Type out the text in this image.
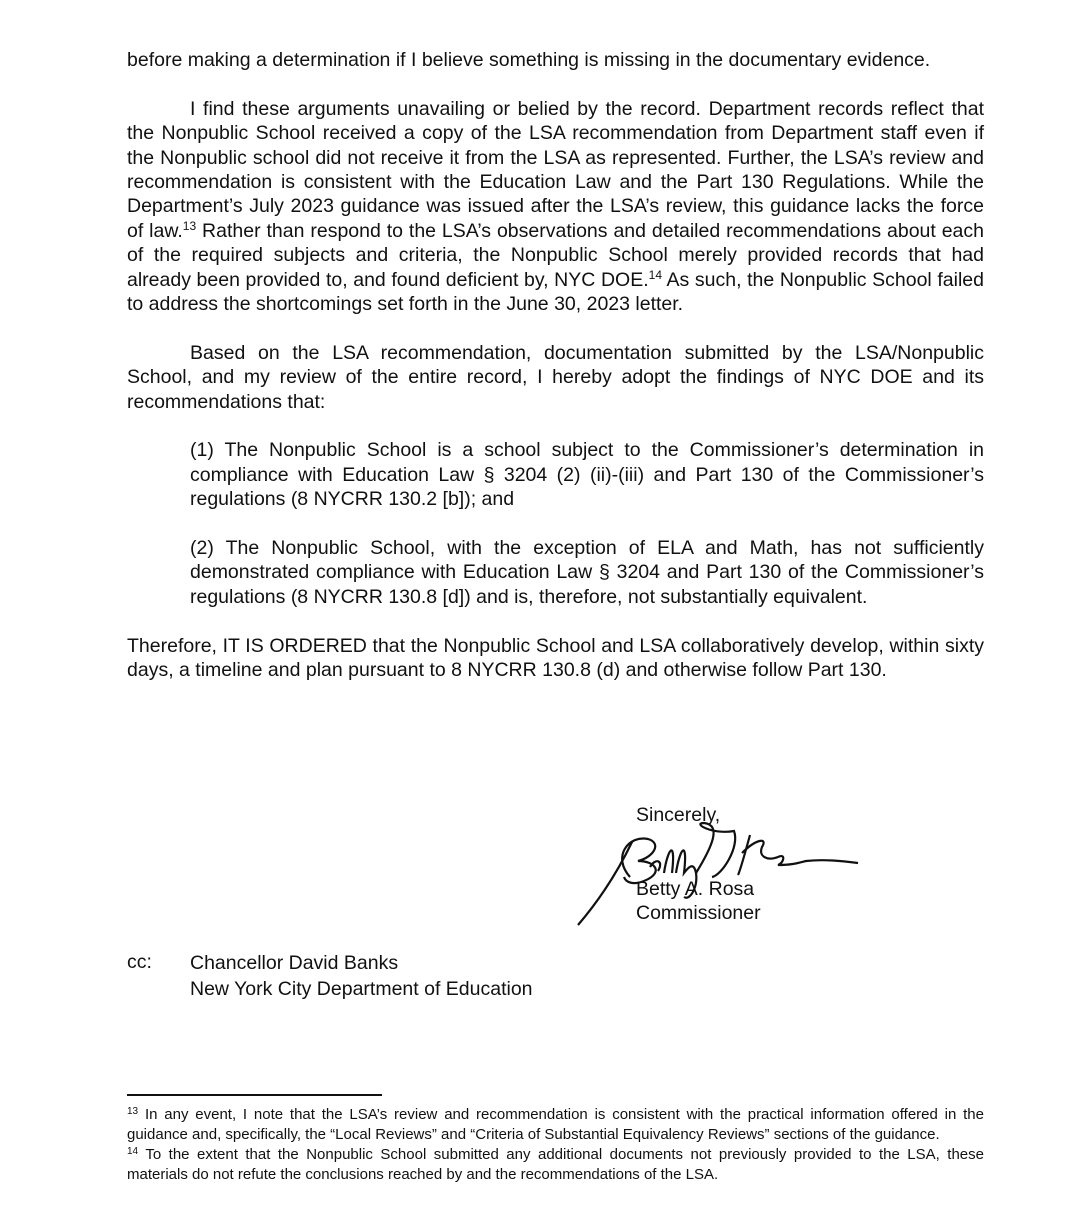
before making a determination if I believe something is missing in the documentary evidence.

I find these arguments unavailing or belied by the record. Department records reflect that the Nonpublic School received a copy of the LSA recommendation from Department staff even if the Nonpublic school did not receive it from the LSA as represented. Further, the LSA’s review and recommendation is consistent with the Education Law and the Part 130 Regulations. While the Department’s July 2023 guidance was issued after the LSA’s review, this guidance lacks the force of law.$^{13}$ Rather than respond to the LSA’s observations and detailed recommendations about each of the required subjects and criteria, the Nonpublic School merely provided records that had already been provided to, and found deficient by, NYC DOE.$^{14}$ As such, the Nonpublic School failed to address the shortcomings set forth in the June 30, 2023 letter.

Based on the LSA recommendation, documentation submitted by the LSA/Nonpublic School, and my review of the entire record, I hereby adopt the findings of NYC DOE and its recommendations that:

(1) The Nonpublic School is a school subject to the Commissioner’s determination in compliance with Education Law § 3204 (2) (ii)-(iii) and Part 130 of the Commissioner’s regulations (8 NYCRR 130.2 [b]); and

(2) The Nonpublic School, with the exception of ELA and Math, has not sufficiently demonstrated compliance with Education Law § 3204 and Part 130 of the Commissioner’s regulations (8 NYCRR 130.8 [d]) and is, therefore, not substantially equivalent.

Therefore, IT IS ORDERED that the Nonpublic School and LSA collaboratively develop, within sixty days, a timeline and plan pursuant to 8 NYCRR 130.8 (d) and otherwise follow Part 130.

Sincerely,
Betty A. Rosa
Commissioner
cc: Chancellor David Banks
New York City Department of Education

$^{13}$ In any event, I note that the LSA’s review and recommendation is consistent with the practical information offered in the guidance and, specifically, the “Local Reviews” and “Criteria of Substantial Equivalency Reviews” sections of the guidance.

$^{14}$ To the extent that the Nonpublic School submitted any additional documents not previously provided to the LSA, these materials do not refute the conclusions reached by and the recommendations of the LSA.
